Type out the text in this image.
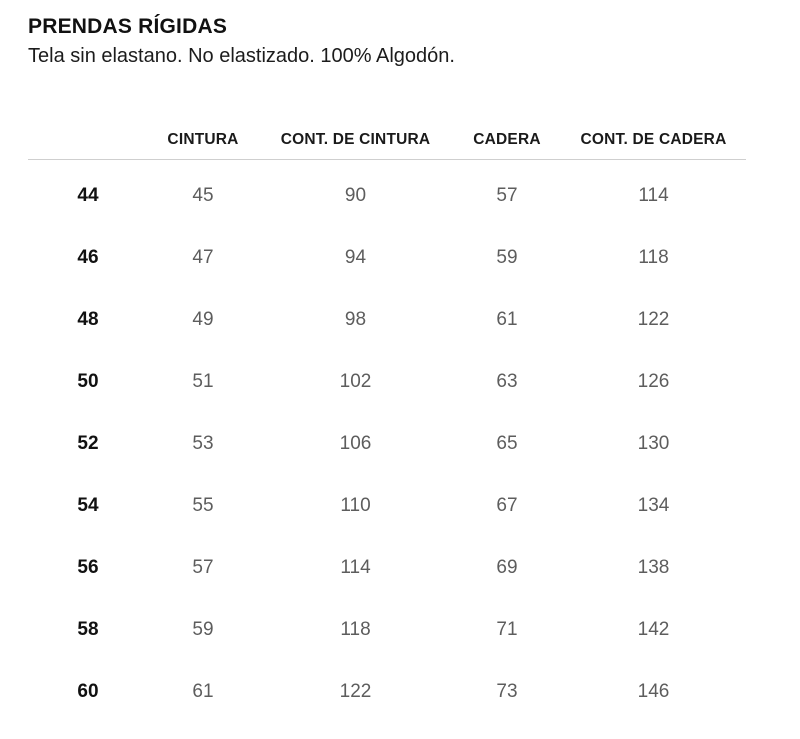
PRENDAS RÍGIDAS

Tela sin elastano. No elastizado. 100% Algodón.

	CINTURA	CONT. DE CINTURA	CADERA	CONT. DE CADERA
44	45	90	57	114
46	47	94	59	118
48	49	98	61	122
50	51	102	63	126
52	53	106	65	130
54	55	110	67	134
56	57	114	69	138
58	59	118	71	142
60	61	122	73	146
